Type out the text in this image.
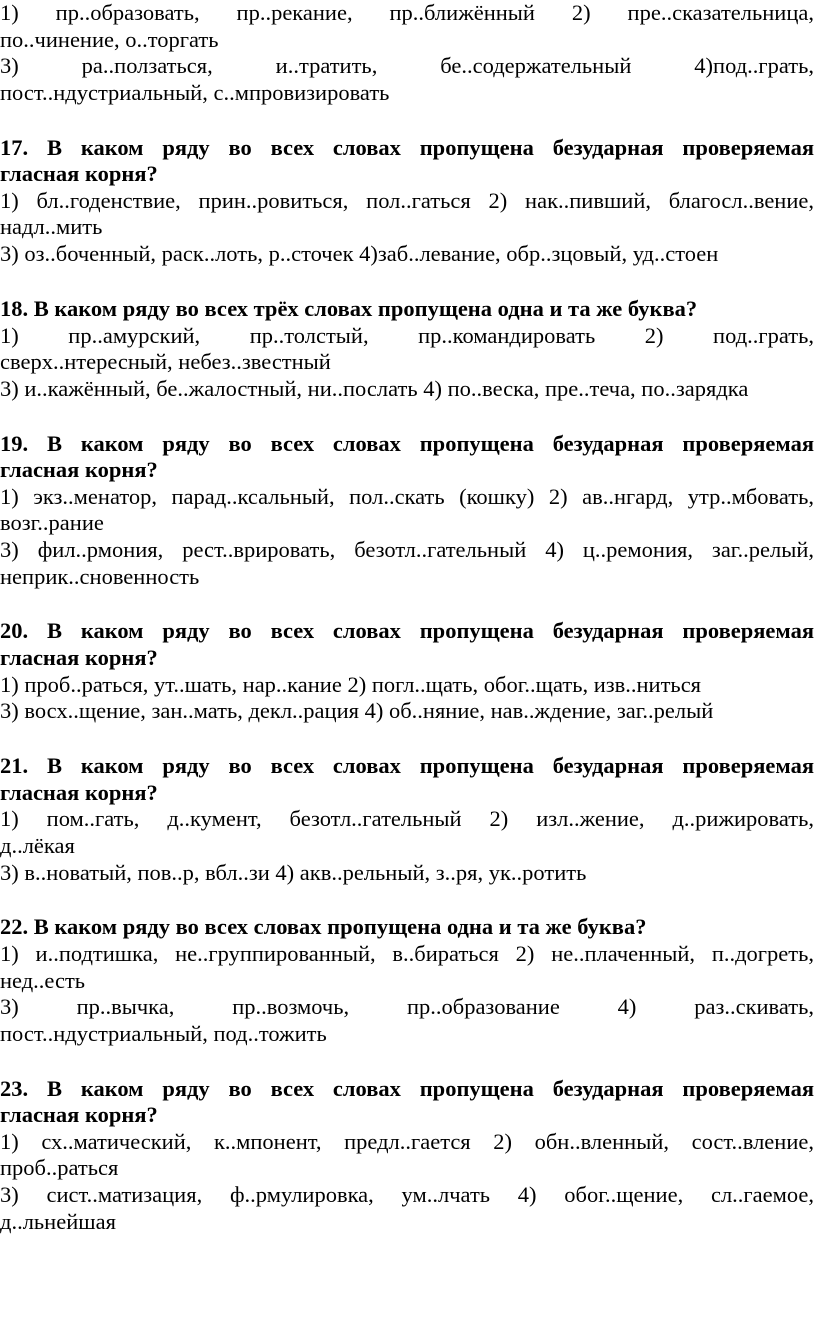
1) пр..образовать, пр..рекание, пр..ближённый 2) пре..сказательница,
по..чинение, о..торгать
3) ра..ползаться, и..тратить, бе..содержательный 4)под..грать,
пост..ндустриальный, с..мпровизировать
17. В каком ряду во всех словах пропущена безударная проверяемая
гласная корня?
1) бл..годенствие, прин..ровиться, пол..гаться 2) нак..пивший, благосл..вение,
надл..мить
3) оз..боченный, раск..лоть, р..сточек 4)заб..левание, обр..зцовый, уд..стоен
18. В каком ряду во всех трёх словах пропущена одна и та же буква?
1) пр..амурский, пр..толстый, пр..командировать 2) под..грать,
сверх..нтересный, небез..звестный
3) и..кажённый, бе..жалостный, ни..послать 4) по..веска, пре..теча, по..зарядка
19. В каком ряду во всех словах пропущена безударная проверяемая
гласная корня?
1) экз..менатор, парад..ксальный, пол..скать (кошку) 2) ав..нгард, утр..мбовать,
возг..рание
3) фил..рмония, рест..врировать, безотл..гательный 4) ц..ремония, заг..релый,
неприк..сновенность
20. В каком ряду во всех словах пропущена безударная проверяемая
гласная корня?
1) проб..раться, ут..шать, нар..кание 2) погл..щать, обог..щать, изв..ниться
3) восх..щение, зан..мать, декл..рация 4) об..няние, нав..ждение, заг..релый
21. В каком ряду во всех словах пропущена безударная проверяемая
гласная корня?
1) пом..гать, д..кумент, безотл..гательный 2) изл..жение, д..рижировать,
д..лёкая
3) в..новатый, пов..р, вбл..зи 4) акв..рельный, з..ря, ук..ротить
22. В каком ряду во всех словах пропущена одна и та же буква?
1) и..подтишка, не..группированный, в..бираться 2) не..плаченный, п..догреть,
нед..есть
3) пр..вычка, пр..возмочь, пр..образование 4) раз..скивать,
пост..ндустриальный, под..тожить
23. В каком ряду во всех словах пропущена безударная проверяемая
гласная корня?
1) сх..матический, к..мпонент, предл..гается 2) обн..вленный, сост..вление,
проб..раться
3) сист..матизация, ф..рмулировка, ум..лчать 4) обог..щение, сл..гаемое,
д..льнейшая
